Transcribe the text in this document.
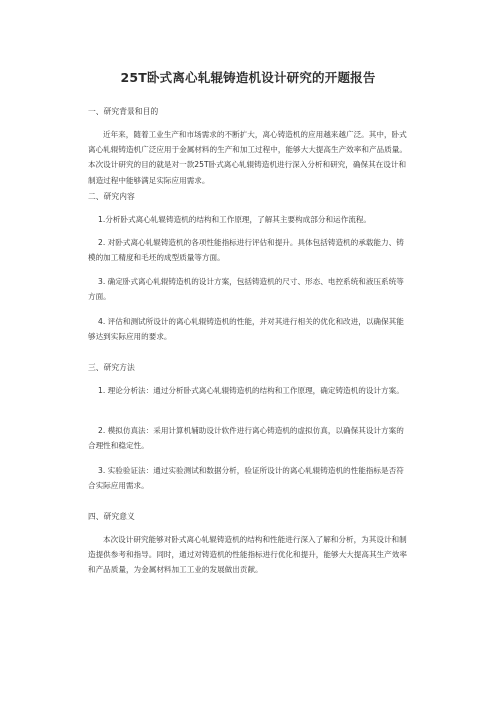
25T卧式离心轧辊铸造机设计研究的开题报告
一、研究背景和目的
近年来，随着工业生产和市场需求的不断扩大，离心铸造机的应用越来越广泛。其中，卧式离心轧辊铸造机广泛应用于金属材料的生产和加工过程中，能够大大提高生产效率和产品质量。本次设计研究的目的就是对一款25T卧式离心轧辊铸造机进行深入分析和研究，确保其在设计和制造过程中能够满足实际应用需求。
二、研究内容
1.分析卧式离心轧辊铸造机的结构和工作原理，了解其主要构成部分和运作流程。
2. 对卧式离心轧辊铸造机的各项性能指标进行评估和提升。具体包括铸造机的承载能力、铸模的加工精度和毛坯的成型质量等方面。
3. 确定卧式离心轧辊铸造机的设计方案，包括铸造机的尺寸、形态、电控系统和液压系统等方面。
4. 评估和测试所设计的离心轧辊铸造机的性能，并对其进行相关的优化和改进，以确保其能够达到实际应用的要求。
三、研究方法
1. 理论分析法：通过分析卧式离心轧辊铸造机的结构和工作原理，确定铸造机的设计方案。
2. 模拟仿真法：采用计算机辅助设计软件进行离心铸造机的虚拟仿真，以确保其设计方案的合理性和稳定性。
3. 实验验证法：通过实验测试和数据分析，验证所设计的离心轧辊铸造机的性能指标是否符合实际应用需求。
四、研究意义
本次设计研究能够对卧式离心轧辊铸造机的结构和性能进行深入了解和分析，为其设计和制造提供参考和指导。同时，通过对铸造机的性能指标进行优化和提升，能够大大提高其生产效率和产品质量，为金属材料加工工业的发展做出贡献。
